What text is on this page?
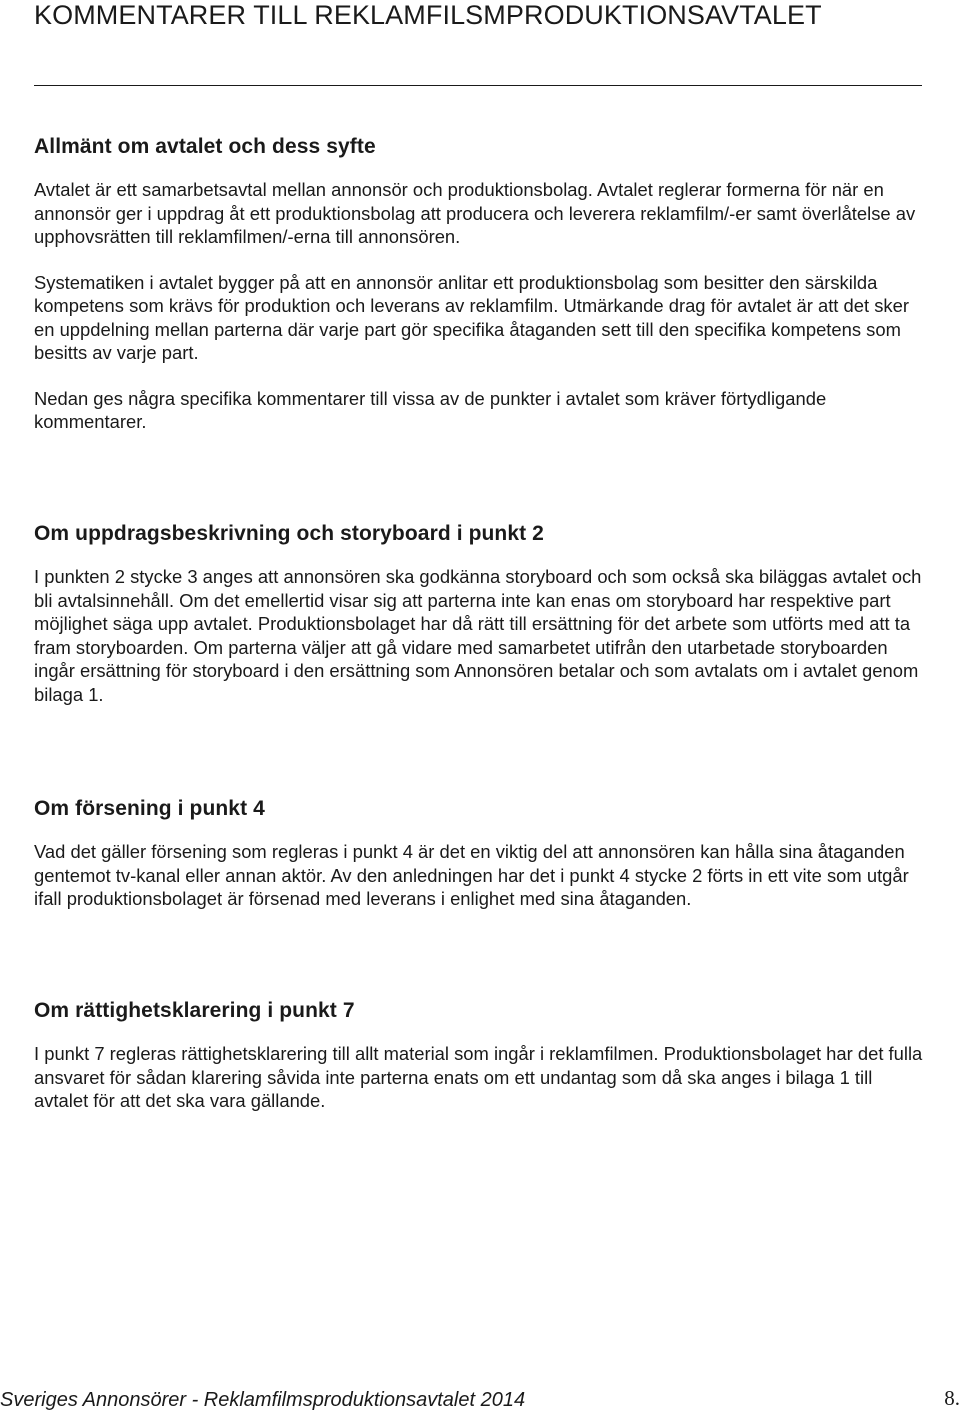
KOMMENTARER TILL REKLAMFILSMPRODUKTIONSAVTALET
Allmänt om avtalet och dess syfte

Avtalet är ett samarbetsavtal mellan annonsör och produktionsbolag. Avtalet reglerar formerna för när en annonsör ger i uppdrag åt ett produktionsbolag att producera och leverera reklamfilm/-er samt överlåtelse av upphovsrätten till reklamfilmen/-erna till annonsören.

Systematiken i avtalet bygger på att en annonsör anlitar ett produktionsbolag som besitter den särskilda kompetens som krävs för produktion och leverans av reklamfilm. Utmärkande drag för avtalet är att det sker en uppdelning mellan parterna där varje part gör specifika åtaganden sett till den specifika kompetens som besitts av varje part.

Nedan ges några specifika kommentarer till vissa av de punkter i avtalet som kräver förtydligande kommentarer.

Om uppdragsbeskrivning och storyboard i punkt 2

I punkten 2 stycke 3 anges att annonsören ska godkänna storyboard och som också ska biläggas avtalet och bli avtalsinnehåll. Om det emellertid visar sig att parterna inte kan enas om storyboard har respektive part möjlighet säga upp avtalet. Produktionsbolaget har då rätt till ersättning för det arbete som utförts med att ta fram storyboarden. Om parterna väljer att gå vidare med samarbetet utifrån den utarbetade storyboarden ingår ersättning för storyboard i den ersättning som Annonsören betalar och som avtalats om i avtalet genom bilaga 1.

Om försening i punkt 4

Vad det gäller försening som regleras i punkt 4 är det en viktig del att annonsören kan hålla sina åtaganden gentemot tv-kanal eller annan aktör. Av den anledningen har det i punkt 4 stycke 2 förts in ett vite som utgår ifall produktionsbolaget är försenad med leverans i enlighet med sina åtaganden.

Om rättighetsklarering i punkt 7

I punkt 7 regleras rättighetsklarering till allt material som ingår i reklamfilmen. Produktionsbolaget har det fulla ansvaret för sådan klarering såvida inte parterna enats om ett undantag som då ska anges i bilaga 1 till avtalet för att det ska vara gällande.

Sveriges Annonsörer - Reklamfilmsproduktionsavtalet 2014	8.
